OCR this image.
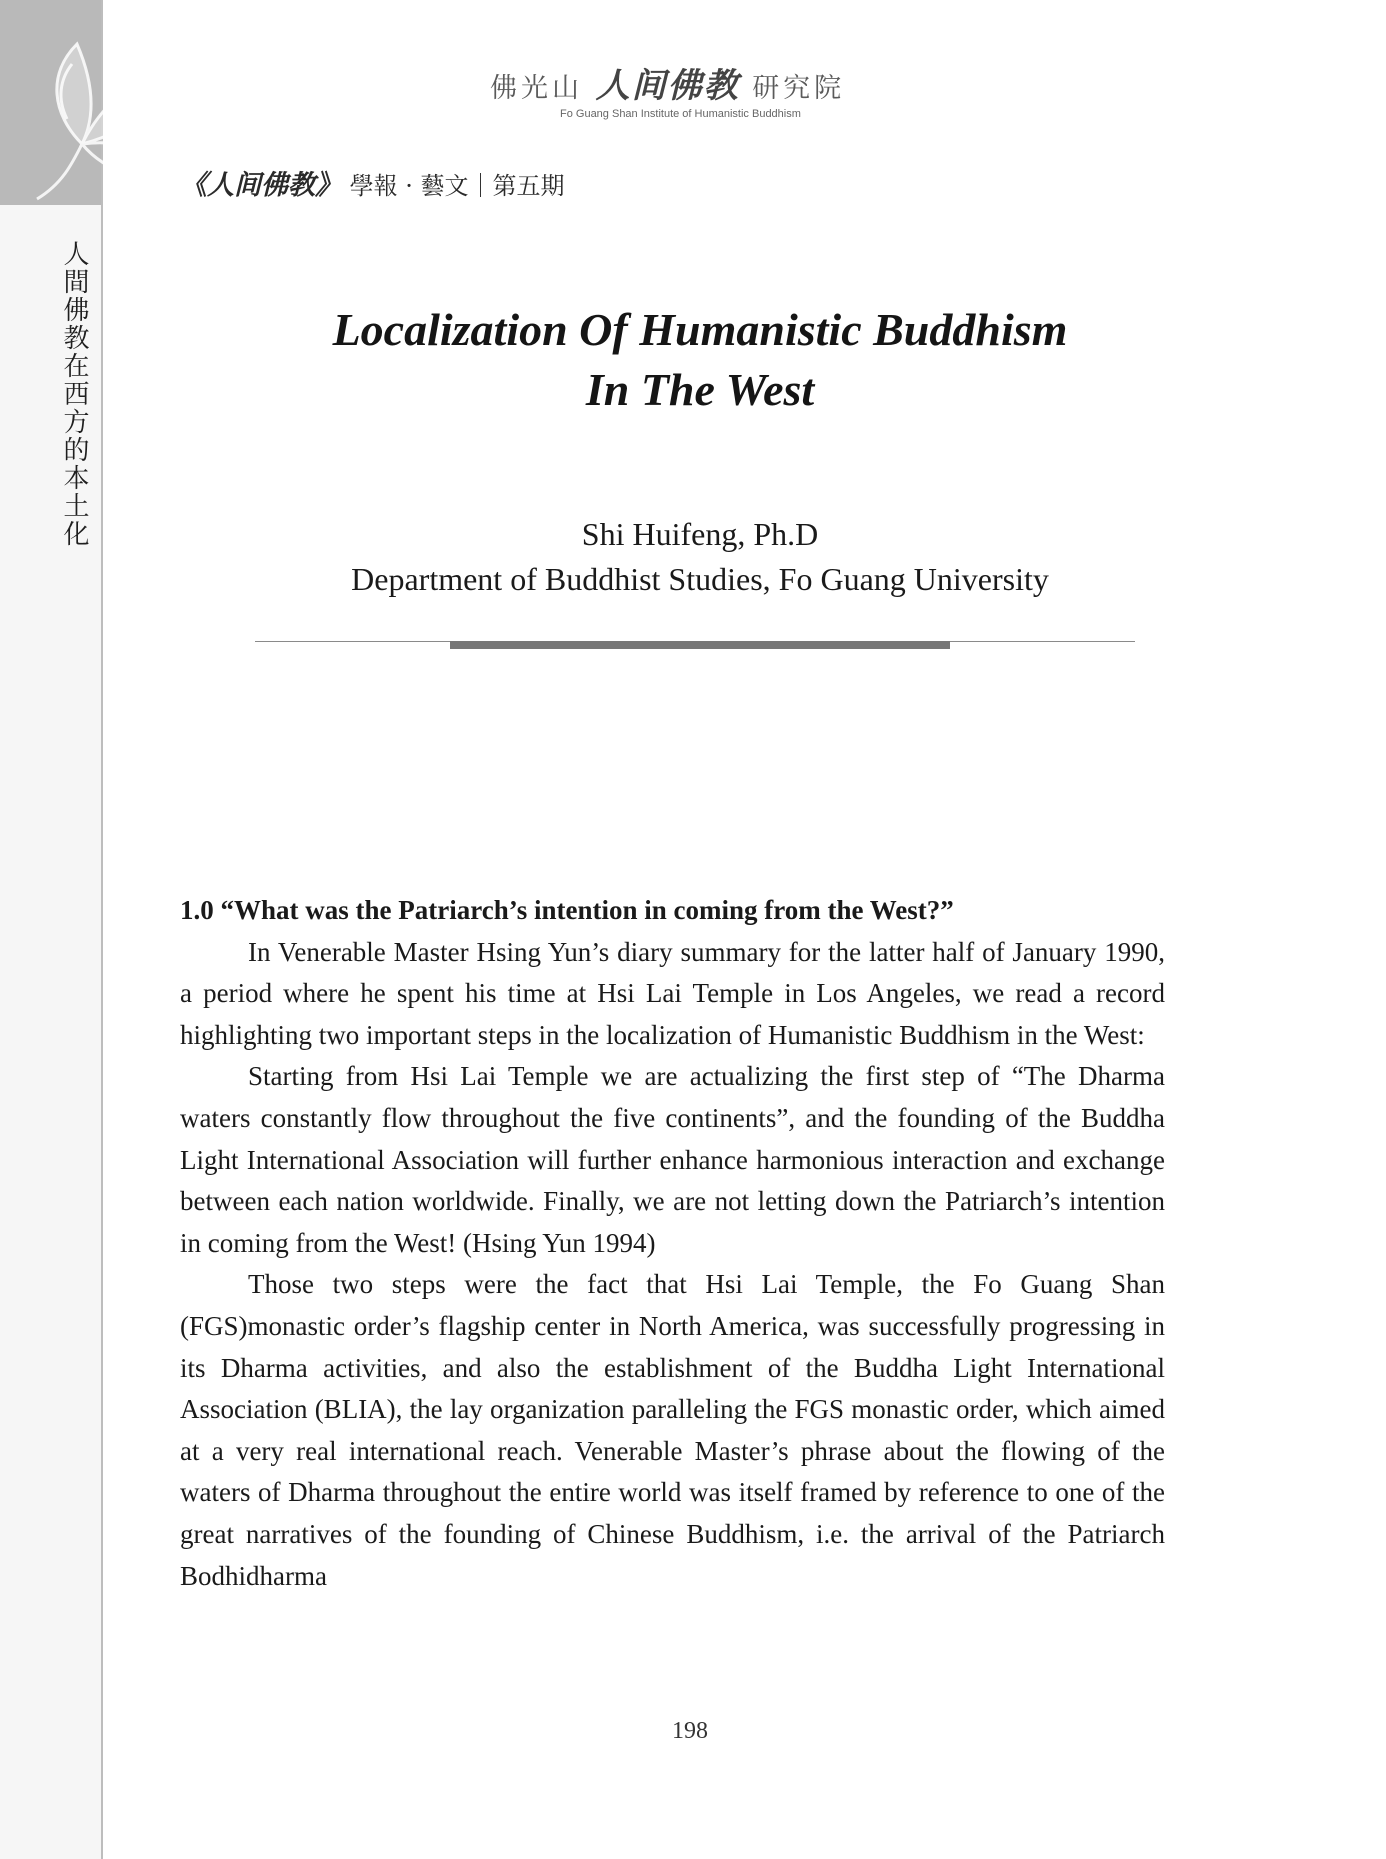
人間佛教在西方的本土化
佛光山 人间佛教 研究院
Fo Guang Shan Institute of Humanistic Buddhism
《人间佛教》 學報 · 藝文｜第五期
Localization Of Humanistic Buddhism
In The West
Shi Huifeng, Ph.D
Department of Buddhist Studies, Fo Guang University

1.0 “What was the Patriarch’s intention in coming from the West?”

In Venerable Master Hsing Yun’s diary summary for the latter half of January 1990, a period where he spent his time at Hsi Lai Temple in Los Angeles, we read a record highlighting two important steps in the localization of Humanistic Buddhism in the West:

Starting from Hsi Lai Temple we are actualizing the first step of “The Dharma waters constantly flow throughout the five continents”, and the founding of the Buddha Light International Association will further enhance harmonious interaction and exchange between each nation worldwide. Finally, we are not letting down the Patriarch’s intention in coming from the West! (Hsing Yun 1994)

Those two steps were the fact that Hsi Lai Temple, the Fo Guang Shan (FGS)monastic order’s flagship center in North America, was successfully progressing in its Dharma activities, and also the establishment of the Buddha Light International Association (BLIA), the lay organization paralleling the FGS monastic order, which aimed at a very real international reach. Venerable Master’s phrase about the flowing of the waters of Dharma throughout the entire world was itself framed by reference to one of the great narratives of the founding of Chinese Buddhism, i.e. the arrival of the Patriarch Bodhidharma

198
